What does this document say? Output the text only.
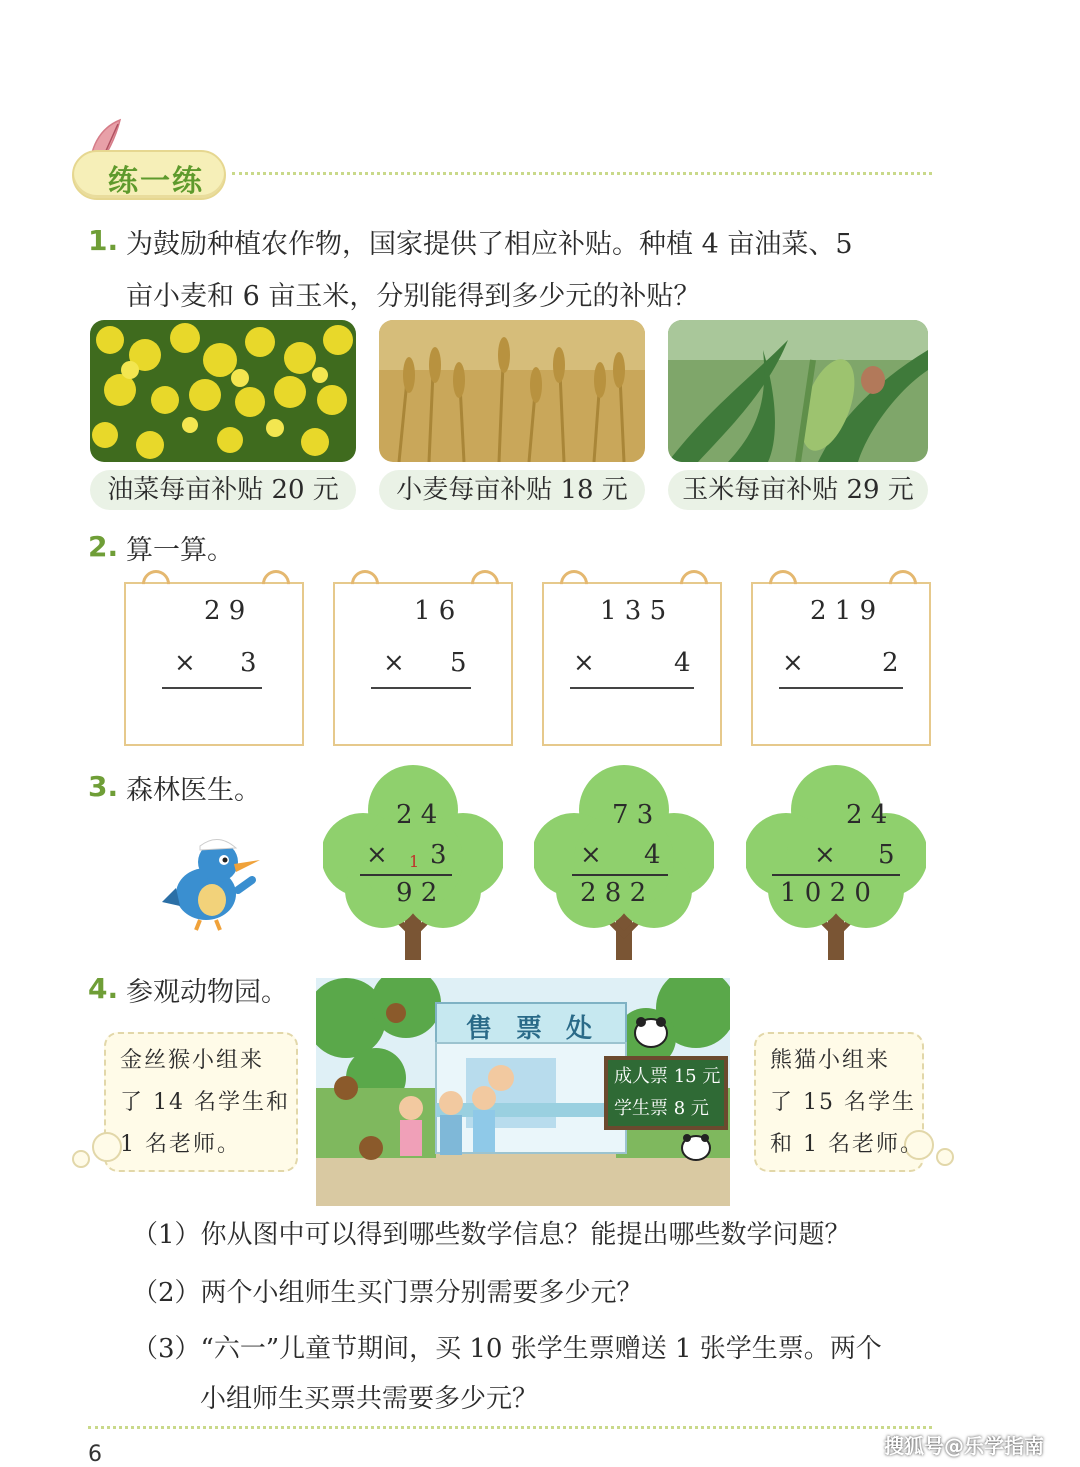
练一练
1. 为鼓励种植农作物，国家提供了相应补贴。种植 4 亩油菜、5
亩小麦和 6 亩玉米，分别能得到多少元的补贴？
油菜每亩补贴 20 元	小麦每亩补贴 18 元	玉米每亩补贴 29 元
2. 算一算。
2 9
× 3
1 6
× 5
1 3 5
×	4
2 1 9
×	2
3. 森林医生。
2 4
× 1 3
9 2
7 3
× 4
2 8 2
2 4
× 5
1 0 2 0
4. 参观动物园。
金丝猴小组来
了 14 名学生和
1 名老师。
熊猫小组来
了 15 名学生
和 1 名老师。
售 票 处
成人票 15 元
学生票 8 元
（1）你从图中可以得到哪些数学信息？能提出哪些数学问题？
（2）两个小组师生买门票分别需要多少元？
（3）“六一”儿童节期间，买 10 张学生票赠送 1 张学生票。两个
小组师生买票共需要多少元？
6	搜狐号@乐学指南
